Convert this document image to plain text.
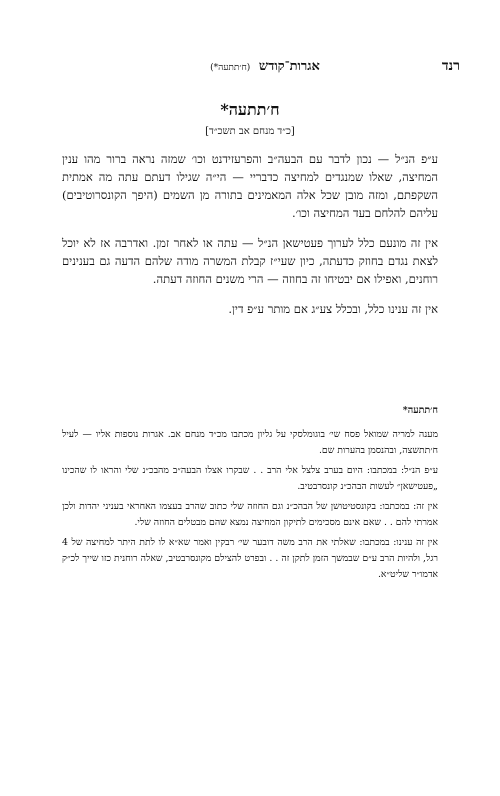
רנד
אגרות־קודש (ח׳תתעה*)
ח׳תתעה*
[כ״ד מנחם אב תשכ״ד]

ע״פ הנ״ל — נכון לדבר עם הבעה״ב והפרעזידנט וכו׳ שמזה נראה ברור מהו ענין המחיצה, שאלו שמנגדים למחיצה כדבריי — הי״ה שגילו דעתם עתה מה אמתית השקפתם, ומזה מובן שכל אלה המאמינים בתורה מן השמים (היפך הקונסרוטיבים) עליהם להלחם בעד המחיצה וכו׳.

אין זה מונעם כלל לערוך פעטישאן הנ״ל — עתה או לאחר זמן. ואדרבה אז לא יוכל לצאת נגדם בחוזק כדעתה, כיון שעי״ז קבלת המשרה מודה שלהם הדעה גם בענינים רוחנים, ואפילו אם יבטיחו זה בחוזה — הרי משנים החוזה דעתה.

אין זה ענינו כלל, ובכלל צע״ג אם מותר ע״פ דין.

ח׳תתעה*

מענה למריה שמואל פסח שי׳ בוגומלסקי על גליון מכתבו מכ״ד מנחם אב. אגרות נוספות אליו — לעיל ח׳תתשצה, ובהנסמן בהערות שם.

ע״פ הנ״ל: במכתבו: היום בערב צלצל אלי הרב . . שבקרו אצלו הבעה״ב מהבכ״נ שלי והראו לו שהכינו „פעטישאן״ לעשות הבהכ״נ קונסרבטיב.

אין זה: במכתבו: בקונסטיטושן של הבהכ״נ וגם החוזה שלי כתוב שהרב בעצמו האחראי בעניני יהדות ולכן אמרתי להם . . שאם אינם מסכימים לתיקון המחיצה נמצא שהם מבטלים החוזה שלי.

אין זה ענינו: במכתבו: שאלתי את הרב משה דובער שי׳ רבקין ואמר שא״א לו לתת היתר למחיצה של 4 רגל, ולהיות הרב ע״ם שבמשך הזמן לתקן זה . . ובפרט להצילם מקונסרבטיב, שאלה רוחנית כזו שייך לכ״ק אדמו״ר שליט״א.
